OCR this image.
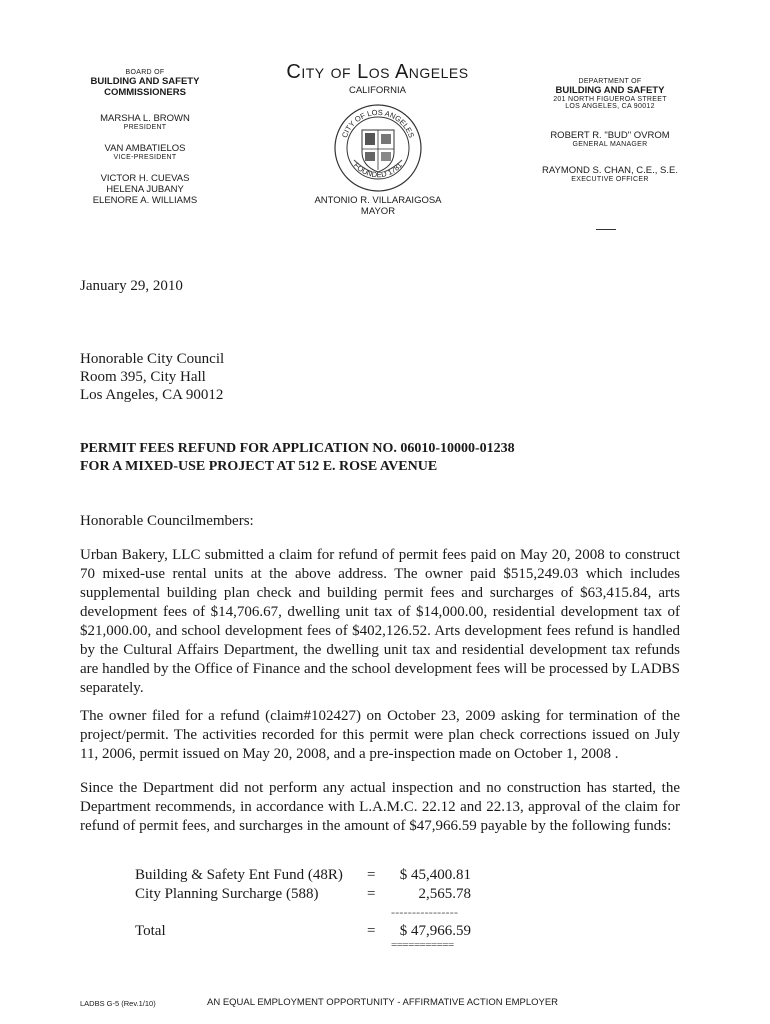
BOARD OF
BUILDING AND SAFETY
COMMISSIONERS
MARSHA L. BROWN
PRESIDENT
VAN AMBATIELOS
VICE-PRESIDENT
VICTOR H. CUEVAS
HELENA JUBANY
ELENORE A. WILLIAMS
City of Los Angeles
CALIFORNIA
CITY OF LOS ANGELES
FOUNDED 1781
ANTONIO R. VILLARAIGOSA
MAYOR
DEPARTMENT OF
BUILDING AND SAFETY
201 NORTH FIGUEROA STREET
LOS ANGELES, CA 90012
ROBERT R. "BUD" OVROM
GENERAL MANAGER
RAYMOND S. CHAN, C.E., S.E.
EXECUTIVE OFFICER
January 29, 2010
Honorable City Council
Room 395, City Hall
Los Angeles, CA 90012
PERMIT FEES REFUND FOR APPLICATION NO. 06010-10000-01238
FOR A MIXED-USE PROJECT AT 512 E. ROSE AVENUE
Honorable Councilmembers:
Urban Bakery, LLC submitted a claim for refund of permit fees paid on May 20, 2008 to construct 70 mixed-use rental units at the above address. The owner paid $515,249.03 which includes supplemental building plan check and building permit fees and surcharges of $63,415.84, arts development fees of $14,706.67, dwelling unit tax of $14,000.00, residential development tax of $21,000.00, and school development fees of $402,126.52. Arts development fees refund is handled by the Cultural Affairs Department, the dwelling unit tax and residential development tax refunds are handled by the Office of Finance and the school development fees will be processed by LADBS separately.
The owner filed for a refund (claim#102427) on October 23, 2009 asking for termination of the project/permit. The activities recorded for this permit were plan check corrections issued on July 11, 2006, permit issued on May 20, 2008, and a pre-inspection made on October 1, 2008 .
Since the Department did not perform any actual inspection and no construction has started, the Department recommends, in accordance with L.A.M.C. 22.12 and 22.13, approval of the claim for refund of permit fees, and surcharges in the amount of $47,966.59 payable by the following funds:
Building & Safety Ent Fund (48R) = $ 45,400.81
City Planning Surcharge (588)	=	2,565.78
----------------
Total	= $ 47,966.59
===========
LADBS G-5 (Rev.1/10)	AN EQUAL EMPLOYMENT OPPORTUNITY - AFFIRMATIVE ACTION EMPLOYER
